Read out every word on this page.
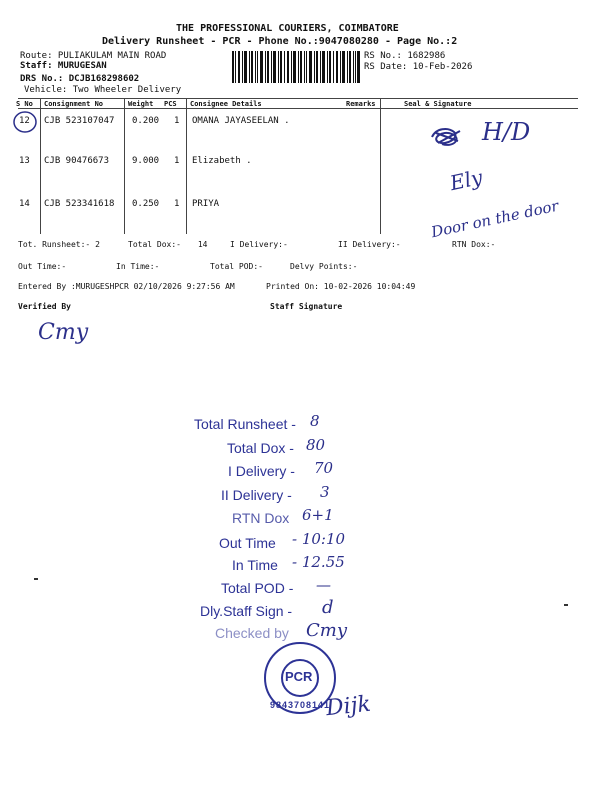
THE PROFESSIONAL COURIERS, COIMBATORE
Delivery Runsheet - PCR - Phone No.:9047080280 - Page No.:2
Route: PULIAKULAM MAIN ROAD
Staff: MURUGESAN
DRS No.: DCJB168298602
Vehicle: Two Wheeler Delivery
RS No.: 1682986
RS Date: 10-Feb-2026
S No Consignment No	Weight PCS Consignee Details	Remarks	Seal & Signature
12 CJB 523107047 0.200 1 OMANA JAYASEELAN .	H/D
13 CJB 90476673	9.000 1 Elizabeth .
Ely
14 CJB 523341618 0.250 1 PRIYA	Door on the door
Tot. Runsheet:- 2	Total Dox:- 14	I Delivery:-	II Delivery:-	RTN Dox:-
Out Time:-	In Time:-	Total POD:-	Delvy Points:-
Entered By :MURUGESHPCR 02/10/2026 9:27:56 AM	Printed On: 10-02-2026 10:04:49
Verified By	Staff Signature
Cmy
Total Runsheet - 8
Total Dox - 80
I Delivery - 70
II Delivery - 3
RTN Dox 6+1
Out Time - 10:10
In Time - 12.55
Total POD - —
Dly.Staff Sign - d
Checked by Cmy
PCR
9843708141
Dijk
